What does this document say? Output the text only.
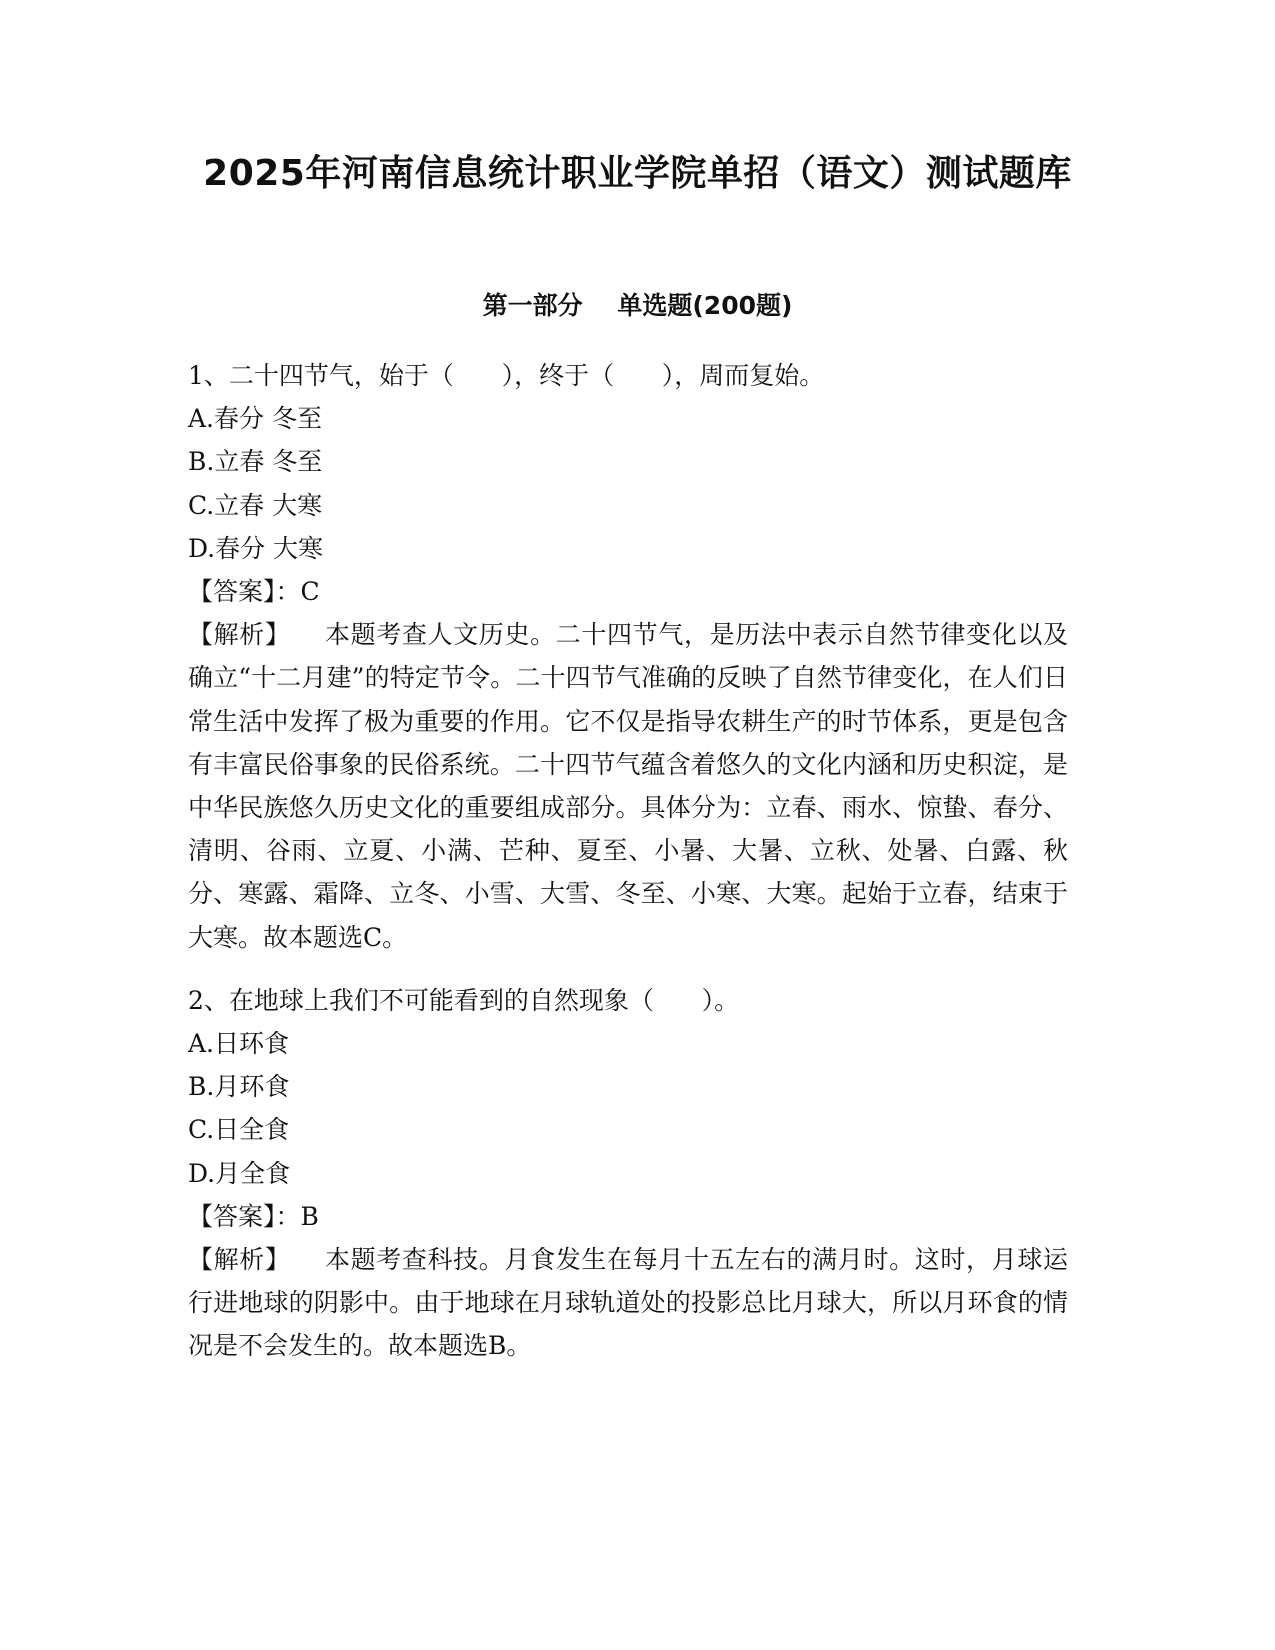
2025年河南信息统计职业学院单招（语文）测试题库
第一部分    单选题(200题)

1、二十四节气，始于（      ），终于（      ），周而复始。

A.春分 冬至

B.立春 冬至

C.立春 大寒

D.春分 大寒

【答案】：C

【解析】    本题考查人文历史。二十四节气，是历法中表示自然节律变化以及确立“十二月建”的特定节令。二十四节气准确的反映了自然节律变化，在人们日常生活中发挥了极为重要的作用。它不仅是指导农耕生产的时节体系，更是包含有丰富民俗事象的民俗系统。二十四节气蕴含着悠久的文化内涵和历史积淀，是中华民族悠久历史文化的重要组成部分。具体分为：立春、雨水、惊蛰、春分、清明、谷雨、立夏、小满、芒种、夏至、小暑、大暑、立秋、处暑、白露、秋分、寒露、霜降、立冬、小雪、大雪、冬至、小寒、大寒。起始于立春，结束于大寒。故本题选C。

2、在地球上我们不可能看到的自然现象（      ）。

A.日环食

B.月环食

C.日全食

D.月全食

【答案】：B

【解析】    本题考查科技。月食发生在每月十五左右的满月时。这时，月球运行进地球的阴影中。由于地球在月球轨道处的投影总比月球大，所以月环食的情况是不会发生的。故本题选B。
